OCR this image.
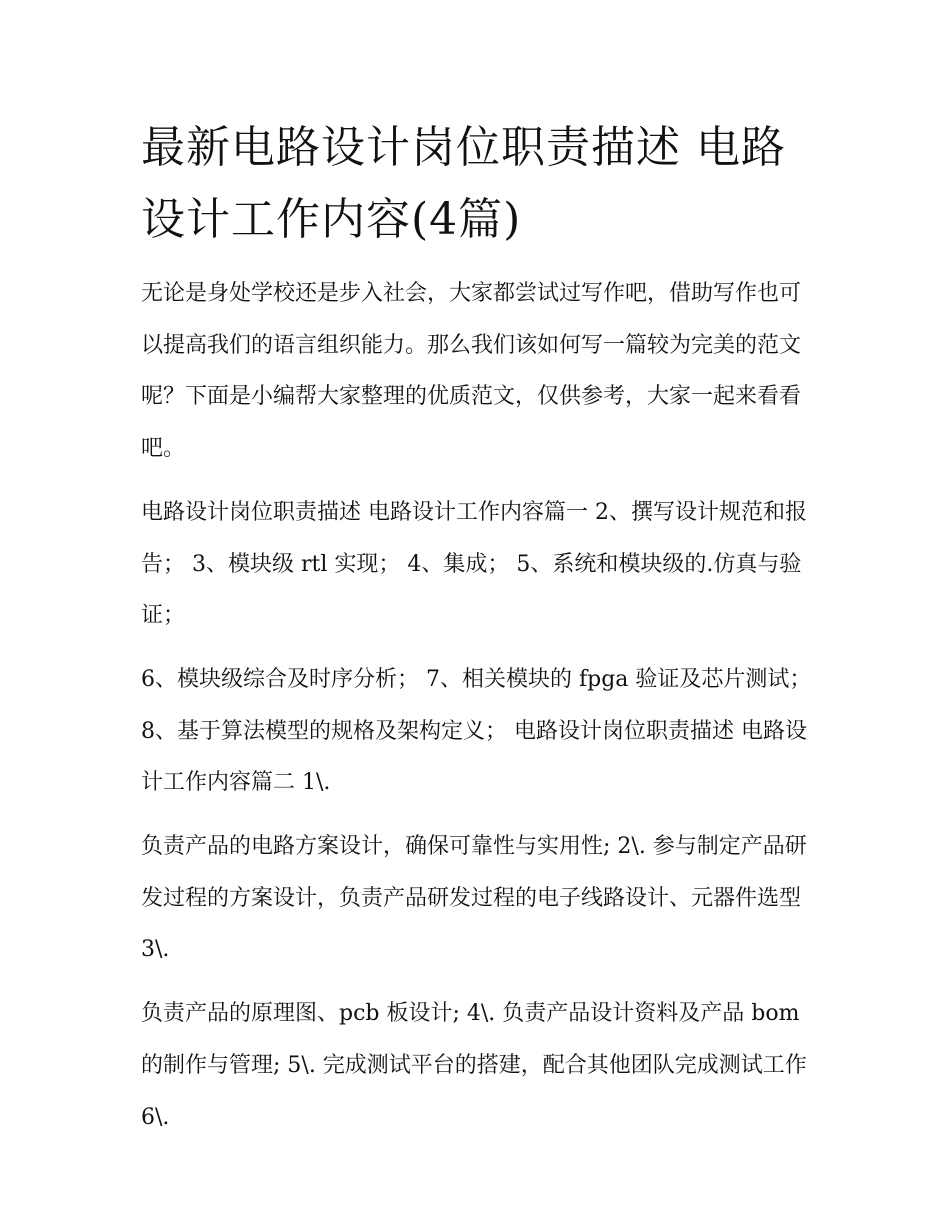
最新电路设计岗位职责描述 电路设计工作内容(4篇)

无论是身处学校还是步入社会，大家都尝试过写作吧，借助写作也可以提高我们的语言组织能力。那么我们该如何写一篇较为完美的范文呢？下面是小编帮大家整理的优质范文，仅供参考，大家一起来看看吧。

电路设计岗位职责描述 电路设计工作内容篇一 2、撰写设计规范和报告； 3、模块级 rtl 实现； 4、集成； 5、系统和模块级的.仿真与验证；

6、模块级综合及时序分析； 7、相关模块的 fpga 验证及芯片测试； 8、基于算法模型的规格及架构定义； 电路设计岗位职责描述 电路设计工作内容篇二 1\.

负责产品的电路方案设计，确保可靠性与实用性; 2\. 参与制定产品研发过程的方案设计，负责产品研发过程的电子线路设计、元器件选型 3\.

负责产品的原理图、pcb 板设计; 4\. 负责产品设计资料及产品 bom 的制作与管理; 5\. 完成测试平台的搭建，配合其他团队完成测试工作 6\.
